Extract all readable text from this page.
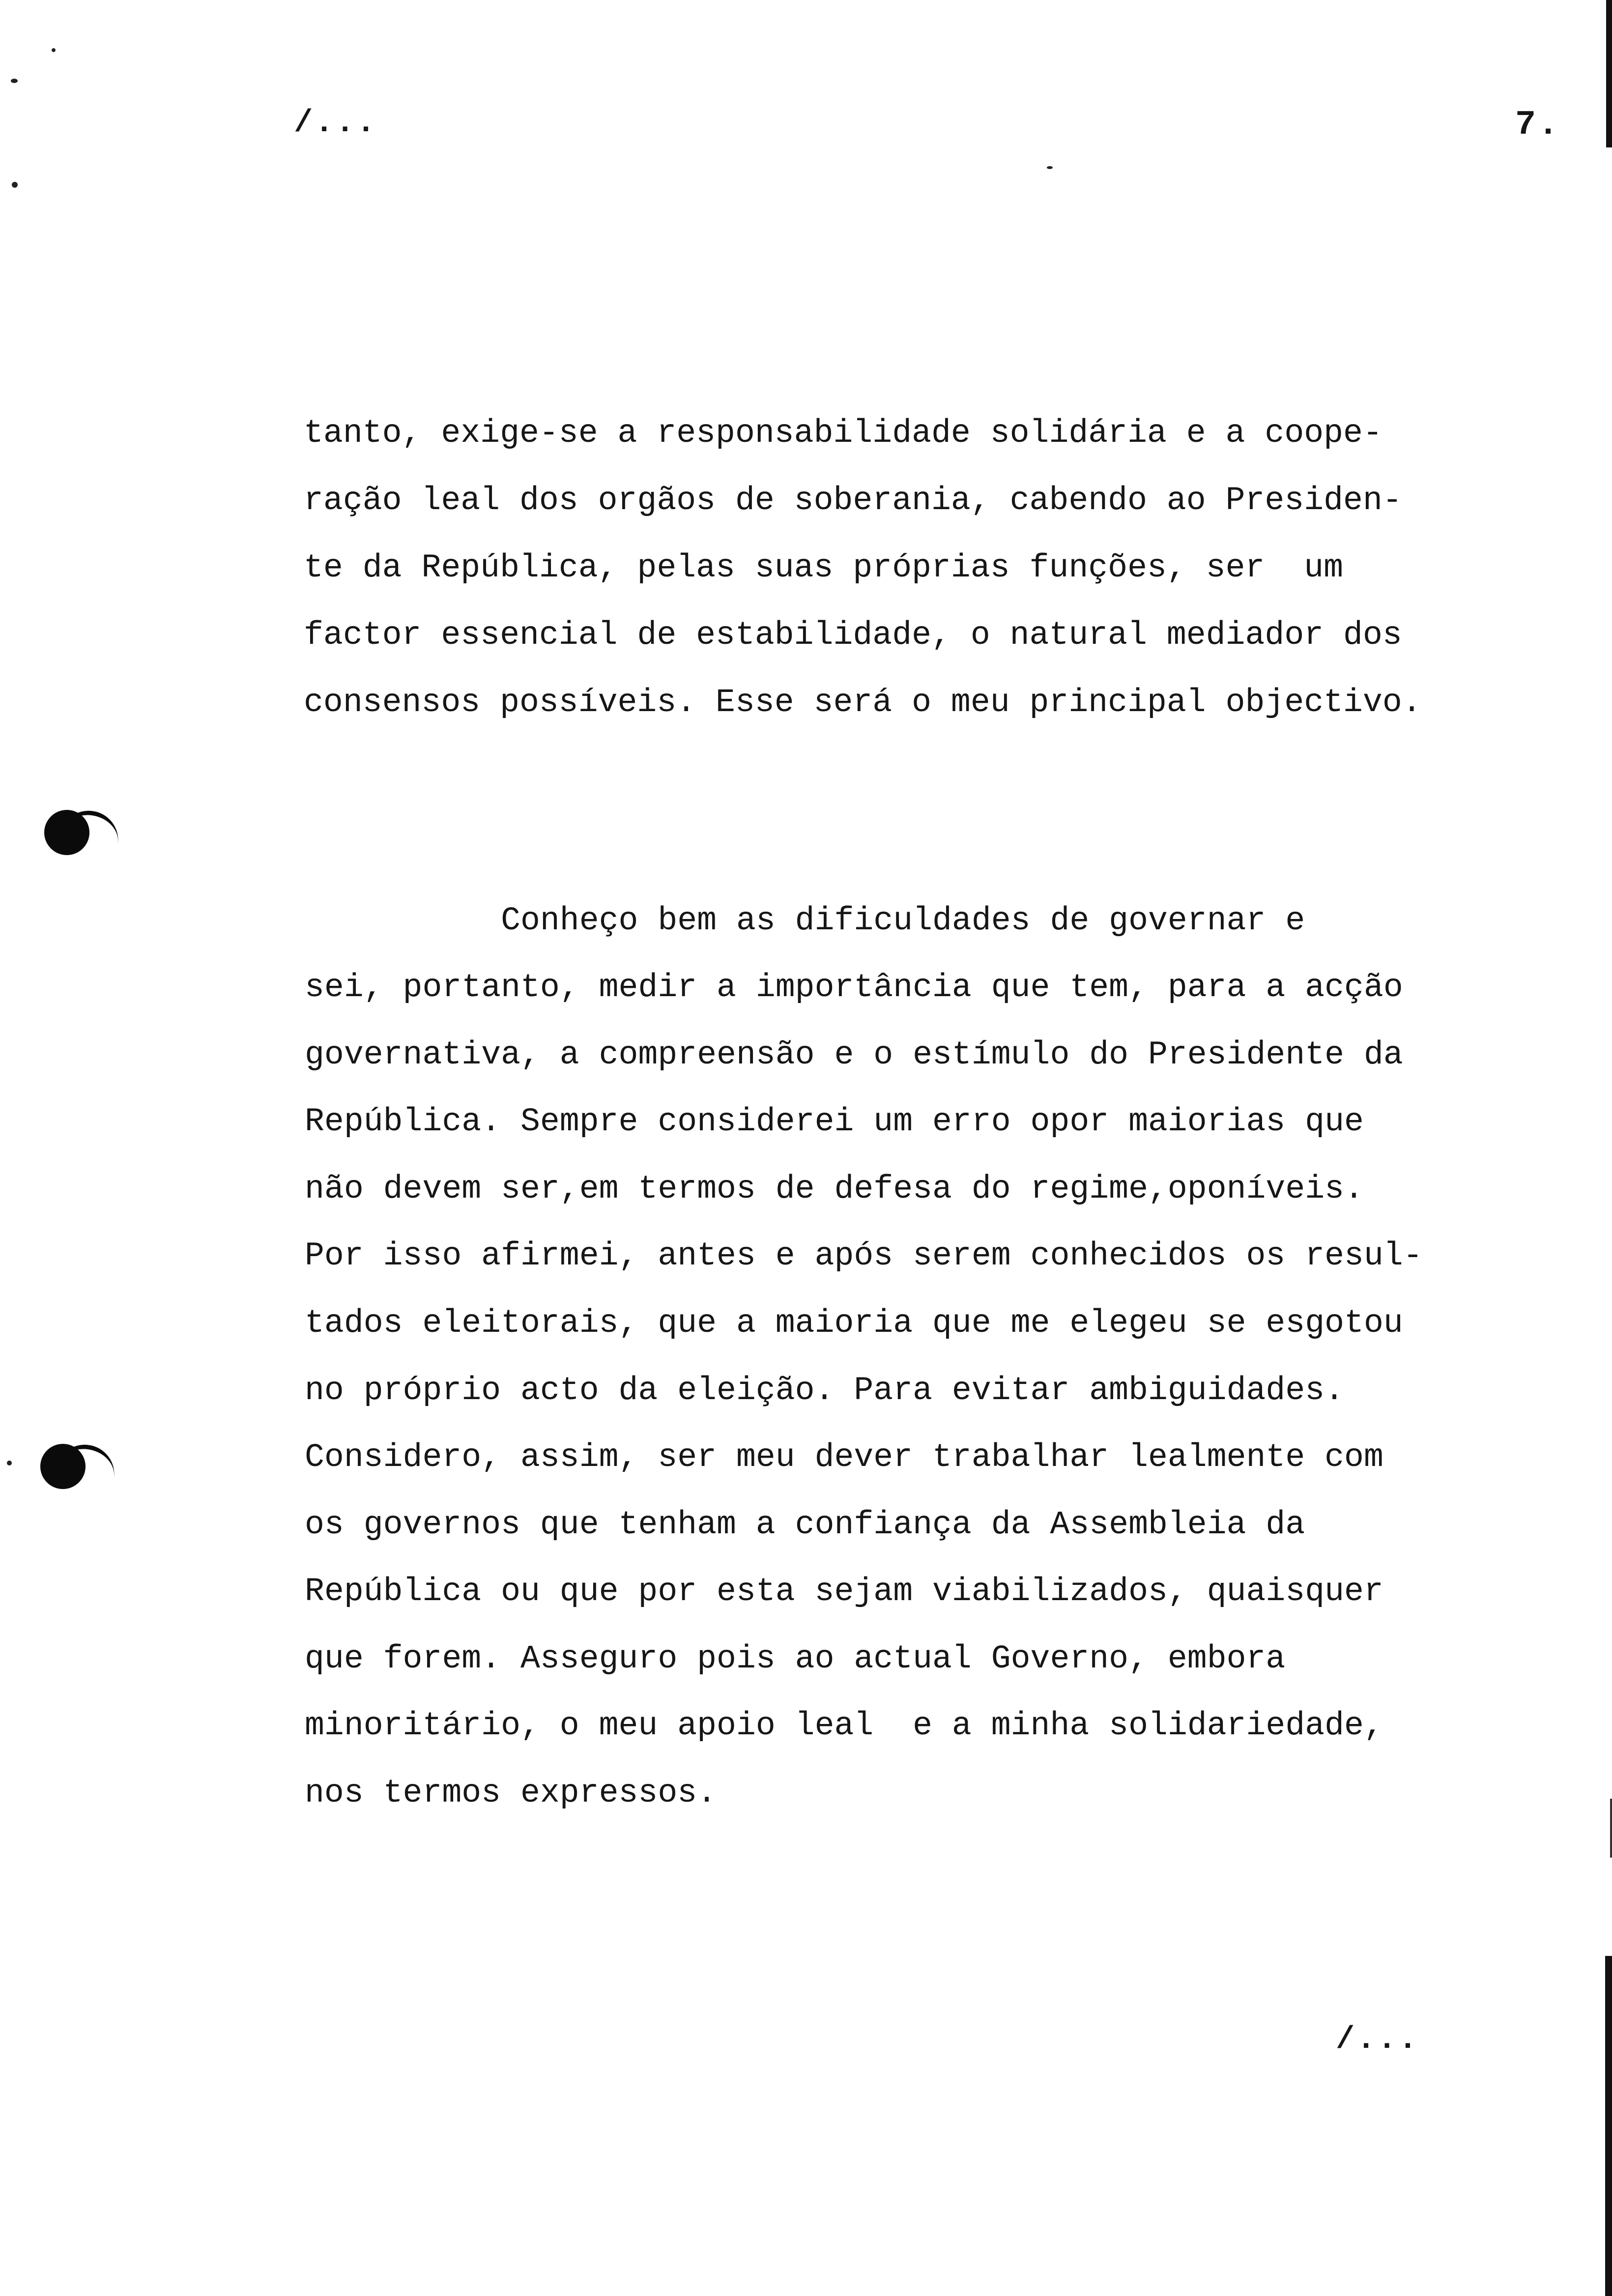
/...	7.
tanto, exige-se a responsabilidade solidária e a coope-
ração leal dos orgãos de soberania, cabendo ao Presiden-
te da República, pelas suas próprias funções, ser  um
factor essencial de estabilidade, o natural mediador dos
consensos possíveis. Esse será o meu principal objectivo.
Conheço bem as dificuldades de governar e
sei, portanto, medir a importância que tem, para a acção
governativa, a compreensão e o estímulo do Presidente da
República. Sempre considerei um erro opor maiorias que
não devem ser,em termos de defesa do regime,oponíveis.
Por isso afirmei, antes e após serem conhecidos os resul-
tados eleitorais, que a maioria que me elegeu se esgotou
no próprio acto da eleição. Para evitar ambiguidades.
Considero, assim, ser meu dever trabalhar lealmente com
os governos que tenham a confiança da Assembleia da
República ou que por esta sejam viabilizados, quaisquer
que forem. Asseguro pois ao actual Governo, embora
minoritário, o meu apoio leal  e a minha solidariedade,
nos termos expressos.
/...
